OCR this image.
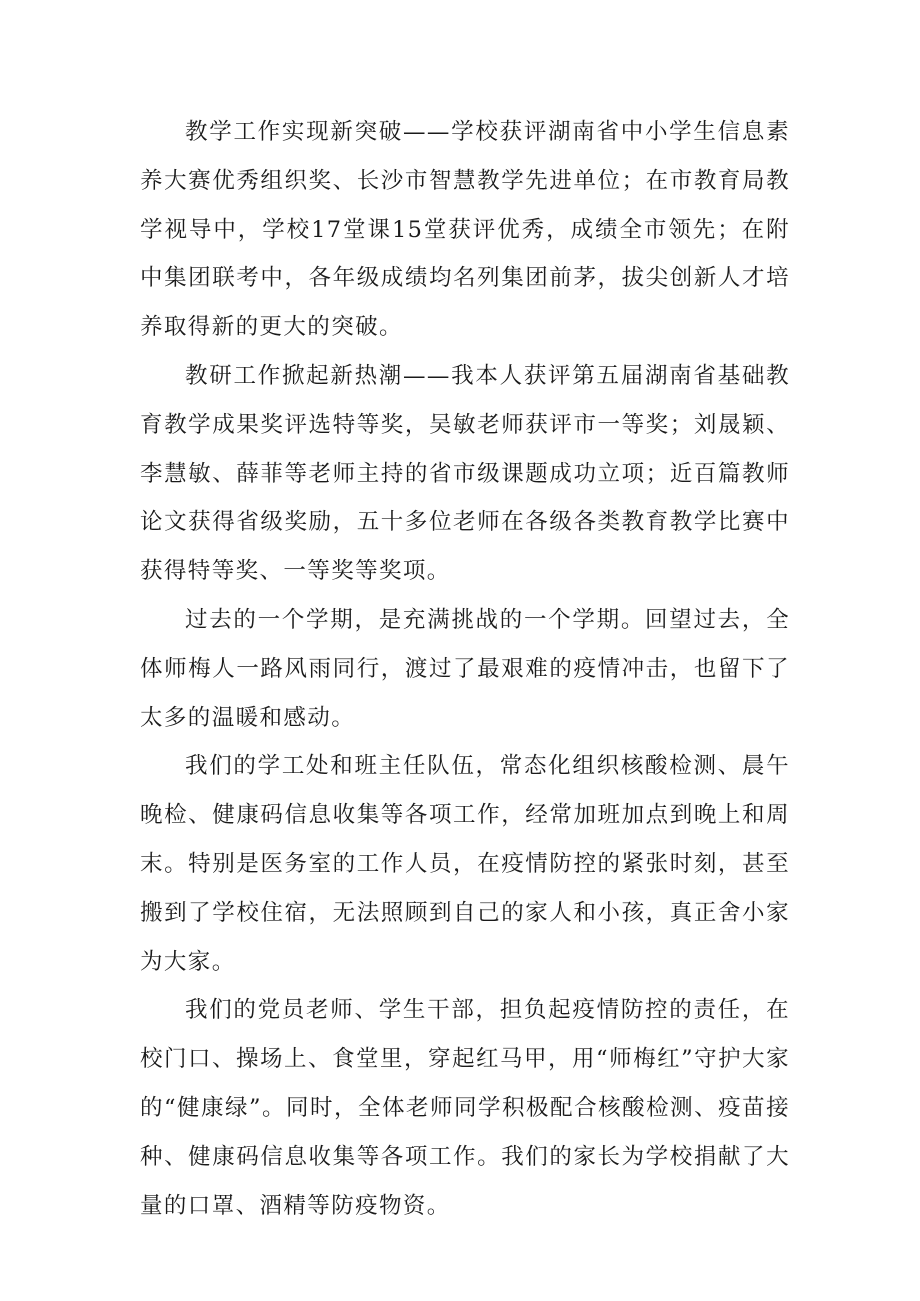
教学工作实现新突破——学校获评湖南省中小学生信息素养大赛优秀组织奖、长沙市智慧教学先进单位；在市教育局教学视导中，学校17堂课15堂获评优秀，成绩全市领先；在附中集团联考中，各年级成绩均名列集团前茅，拔尖创新人才培养取得新的更大的突破。

教研工作掀起新热潮——我本人获评第五届湖南省基础教育教学成果奖评选特等奖，吴敏老师获评市一等奖；刘晟颖、李慧敏、薛菲等老师主持的省市级课题成功立项；近百篇教师论文获得省级奖励，五十多位老师在各级各类教育教学比赛中获得特等奖、一等奖等奖项。

过去的一个学期，是充满挑战的一个学期。回望过去，全体师梅人一路风雨同行，渡过了最艰难的疫情冲击，也留下了太多的温暖和感动。

我们的学工处和班主任队伍，常态化组织核酸检测、晨午晚检、健康码信息收集等各项工作，经常加班加点到晚上和周末。特别是医务室的工作人员，在疫情防控的紧张时刻，甚至搬到了学校住宿，无法照顾到自己的家人和小孩，真正舍小家为大家。

我们的党员老师、学生干部，担负起疫情防控的责任，在校门口、操场上、食堂里，穿起红马甲，用“师梅红”守护大家的“健康绿”。同时，全体老师同学积极配合核酸检测、疫苗接种、健康码信息收集等各项工作。我们的家长为学校捐献了大量的口罩、酒精等防疫物资。
